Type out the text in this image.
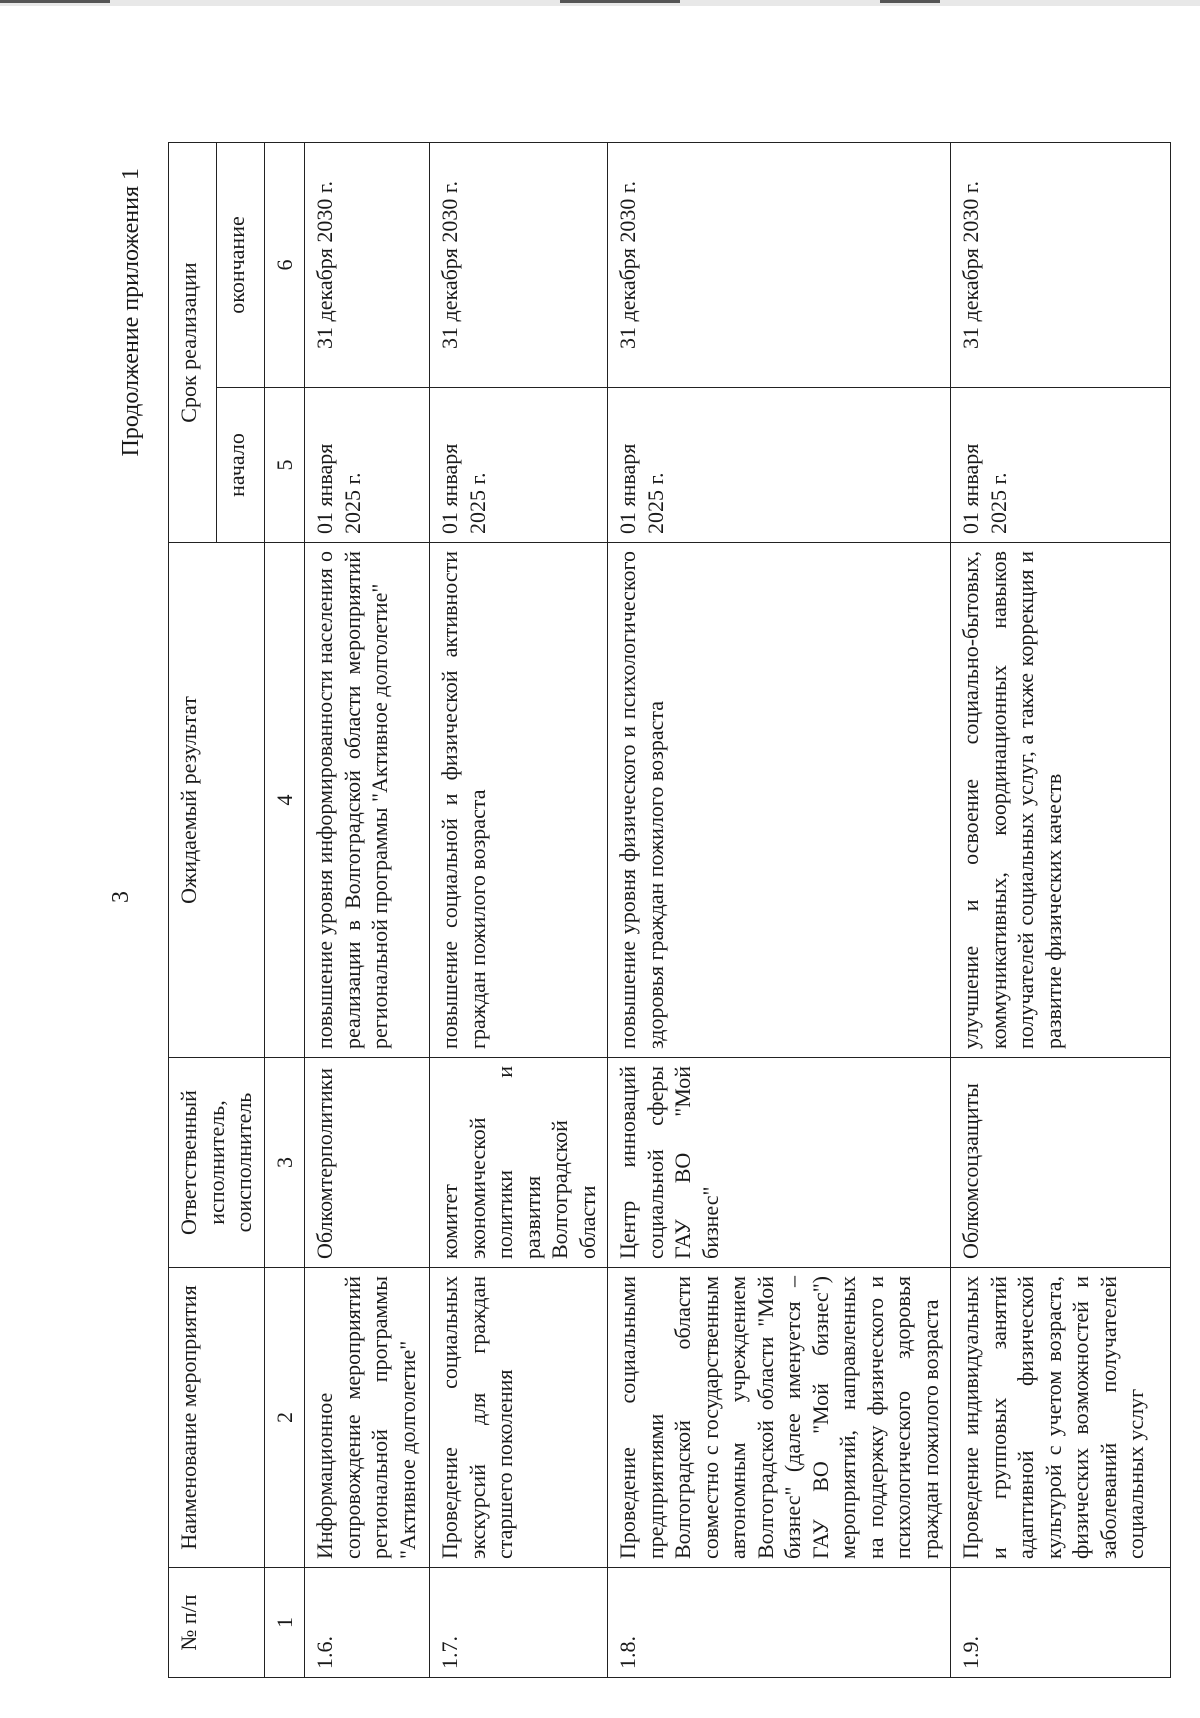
3
Продолжение приложения 1
№ п/п	Наименование мероприятия	Ответственный исполнитель, соисполнитель	Ожидаемый результат	Срок реализации	
				начало	окончание
1	2	3	4	5	6
1.6.	Информационное сопровождение мероприятий региональной программы "Активное долголетие"	Облкомтерполитики	повышение уровня информированности населения о реализации в Волгоградской области мероприятий региональной программы "Активное долголетие"	01 января 2025 г.	31 декабря 2030 г.
1.7.	Проведение социальных экскурсий для граждан старшего поколения	комитет экономической политики и развития Волгоградской области	повышение социальной и физической активности граждан пожилого возраста	01 января 2025 г.	31 декабря 2030 г.
1.8.	Проведение социальными предприятиями Волгоградской области совместно с государственным автономным учреждением Волгоградской области "Мой бизнес" (далее именуется – ГАУ ВО "Мой бизнес") мероприятий, направленных на поддержку физического и психологического здоровья граждан пожилого возраста	Центр инноваций социальной сферы ГАУ ВО "Мой бизнес"	повышение уровня физического и психологического здоровья граждан пожилого возраста	01 января 2025 г.	31 декабря 2030 г.
1.9.	Проведение индивидуальных и групповых занятий адаптивной физической культурой с учетом возраста, физических возможностей и заболеваний получателей социальных услуг	Облкомсоцзащиты	улучшение и освоение социально-бытовых, коммуникативных, координационных навыков получателей социальных услуг, а также коррекция и развитие физических качеств	01 января 2025 г.	31 декабря 2030 г.
